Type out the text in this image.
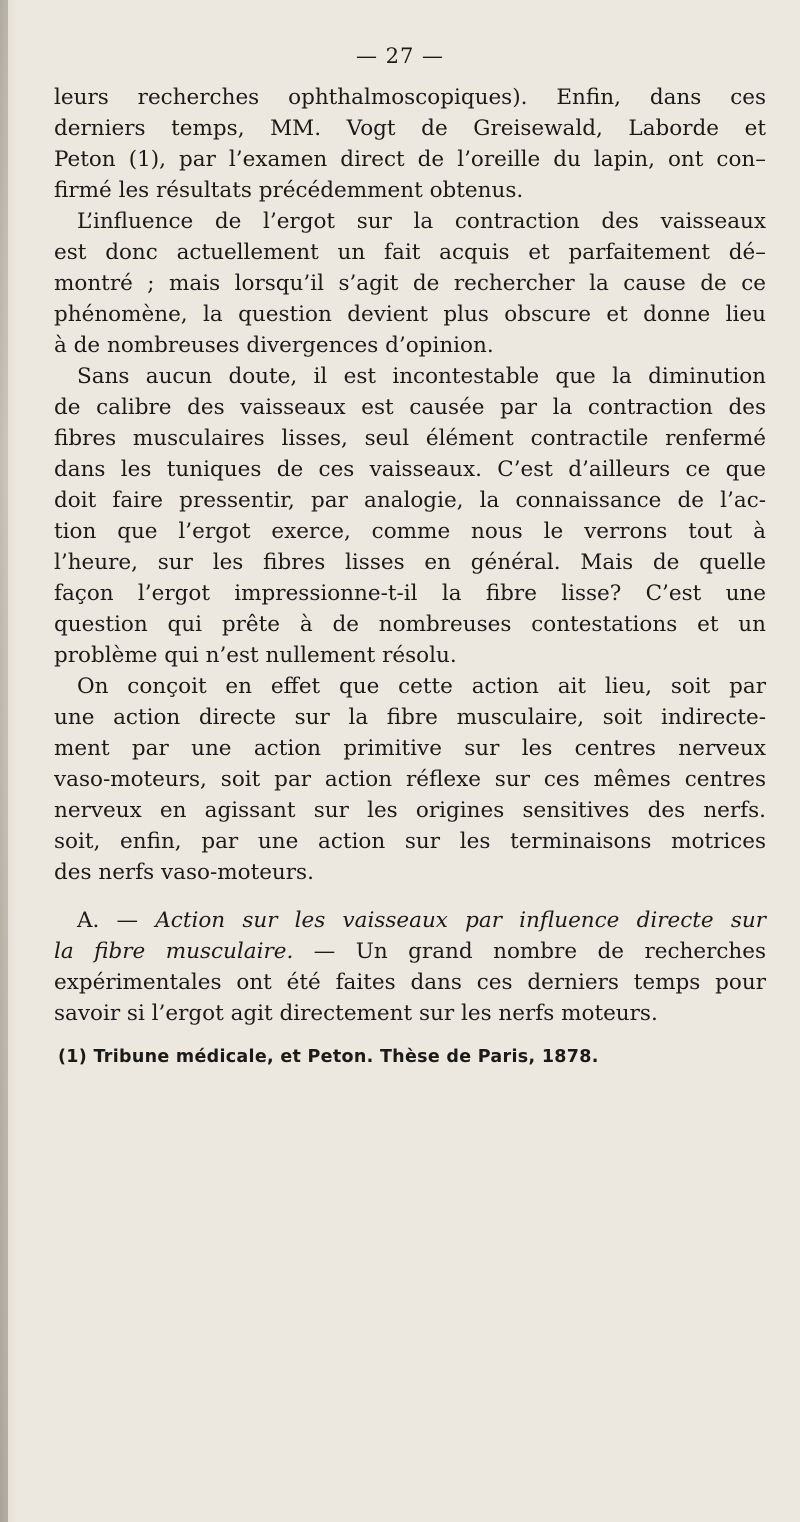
— 27 —
leurs recherches ophthalmoscopiques). Enfin, dans ces
derniers temps, MM. Vogt de Greisewald, Laborde et
Peton (1), par l’examen direct de l’oreille du lapin, ont con–
firmé les résultats précédemment obtenus.
L’influence de l’ergot sur la contraction des vaisseaux
est donc actuellement un fait acquis et parfaitement dé–
montré ; mais lorsqu’il s’agit de rechercher la cause de ce
phénomène, la question devient plus obscure et donne lieu
à de nombreuses divergences d’opinion.
Sans aucun doute, il est incontestable que la diminution
de calibre des vaisseaux est causée par la contraction des
fibres musculaires lisses, seul élément contractile renfermé
dans les tuniques de ces vaisseaux. C’est d’ailleurs ce que
doit faire pressentir, par analogie, la connaissance de l’ac-
tion que l’ergot exerce, comme nous le verrons tout à
l’heure, sur les fibres lisses en général. Mais de quelle
façon l’ergot impressionne-t-il la fibre lisse? C’est une
question qui prête à de nombreuses contestations et un
problème qui n’est nullement résolu.
On conçoit en effet que cette action ait lieu, soit par
une action directe sur la fibre musculaire, soit indirecte-
ment par une action primitive sur les centres nerveux
vaso-moteurs, soit par action réflexe sur ces mêmes centres
nerveux en agissant sur les origines sensitives des nerfs.
soit, enfin, par une action sur les terminaisons motrices
des nerfs vaso-moteurs.
A. — Action sur les vaisseaux par influence directe sur
la fibre musculaire. — Un grand nombre de recherches
expérimentales ont été faites dans ces derniers temps pour
savoir si l’ergot agit directement sur les nerfs moteurs.
(1) Tribune médicale, et Peton. Thèse de Paris, 1878.
